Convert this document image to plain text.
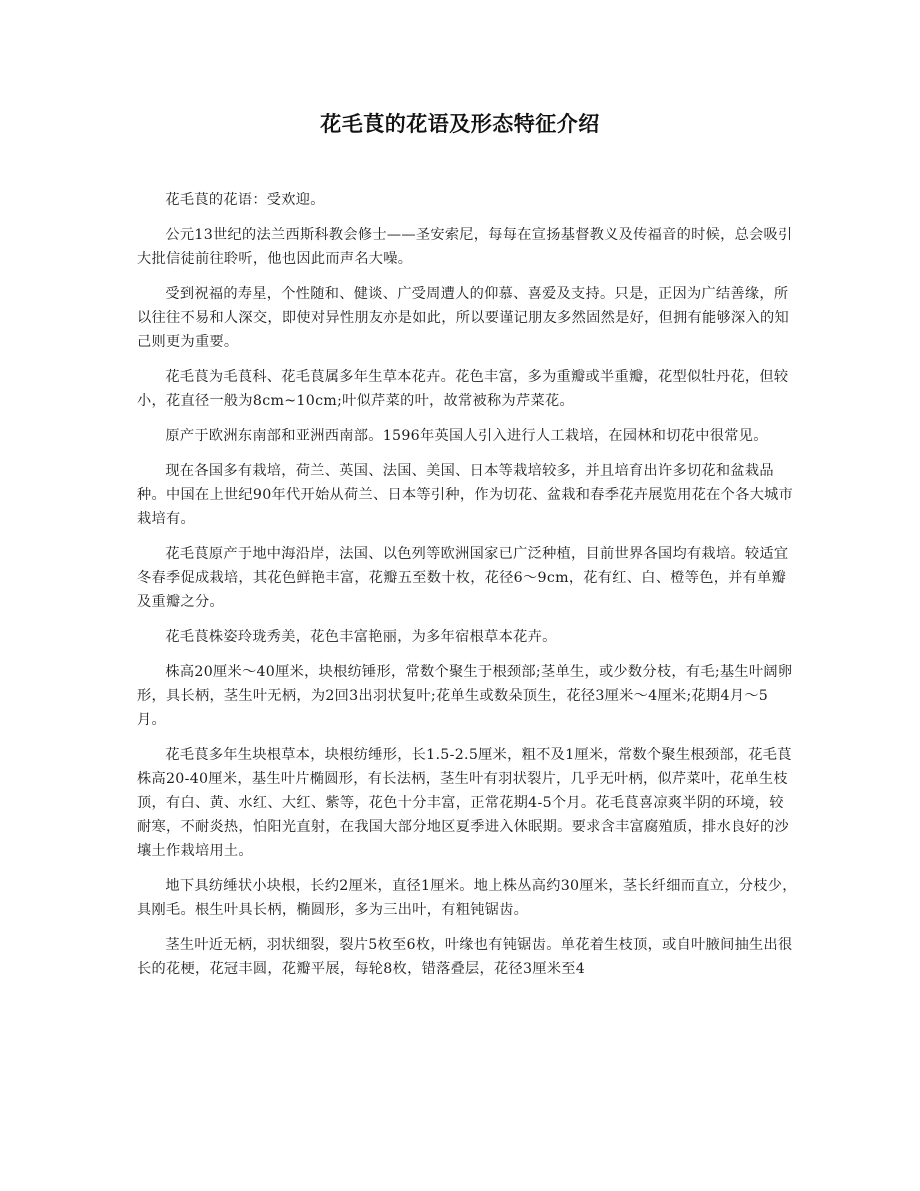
花毛茛的花语及形态特征介绍

花毛茛的花语：受欢迎。

公元13世纪的法兰西斯科教会修士——圣安索尼，每每在宣扬基督教义及传福音的时候，总会吸引大批信徒前往聆听，他也因此而声名大噪。

受到祝福的寿星，个性随和、健谈、广受周遭人的仰慕、喜爱及支持。只是，正因为广结善缘，所以往往不易和人深交，即使对异性朋友亦是如此，所以要谨记朋友多然固然是好，但拥有能够深入的知己则更为重要。

花毛茛为毛茛科、花毛茛属多年生草本花卉。花色丰富，多为重瓣或半重瓣，花型似牡丹花，但较小，花直径一般为8cm~10cm;叶似芹菜的叶，故常被称为芹菜花。

原产于欧洲东南部和亚洲西南部。1596年英国人引入进行人工栽培，在园林和切花中很常见。

现在各国多有栽培，荷兰、英国、法国、美国、日本等栽培较多，并且培育出许多切花和盆栽品种。中国在上世纪90年代开始从荷兰、日本等引种，作为切花、盆栽和春季花卉展览用花在个各大城市栽培有。

花毛茛原产于地中海沿岸，法国、以色列等欧洲国家已广泛种植，目前世界各国均有栽培。较适宜冬春季促成栽培，其花色鲜艳丰富，花瓣五至数十枚，花径6～9cm，花有红、白、橙等色，并有单瓣及重瓣之分。

花毛茛株姿玲珑秀美，花色丰富艳丽，为多年宿根草本花卉。

株高20厘米～40厘米，块根纺锤形，常数个聚生于根颈部;茎单生，或少数分枝，有毛;基生叶阔卵形，具长柄，茎生叶无柄，为2回3出羽状复叶;花单生或数朵顶生，花径3厘米～4厘米;花期4月～5月。

花毛茛多年生块根草本，块根纺缍形，长1.5-2.5厘米，粗不及1厘米，常数个聚生根颈部，花毛茛株高20-40厘米，基生叶片椭圆形，有长法柄，茎生叶有羽状裂片，几乎无叶柄，似芹菜叶，花单生枝顶，有白、黄、水红、大红、紫等，花色十分丰富，正常花期4-5个月。花毛茛喜凉爽半阴的环境，较耐寒，不耐炎热，怕阳光直射，在我国大部分地区夏季进入休眠期。要求含丰富腐殖质，排水良好的沙壤土作栽培用土。

地下具纺缍状小块根，长约2厘米，直径1厘米。地上株丛高约30厘米，茎长纤细而直立，分枝少，具刚毛。根生叶具长柄，椭圆形，多为三出叶，有粗钝锯齿。

茎生叶近无柄，羽状细裂，裂片5枚至6枚，叶缘也有钝锯齿。单花着生枝顶，或自叶腋间抽生出很长的花梗，花冠丰圆，花瓣平展，每轮8枚，错落叠层，花径3厘米至4
